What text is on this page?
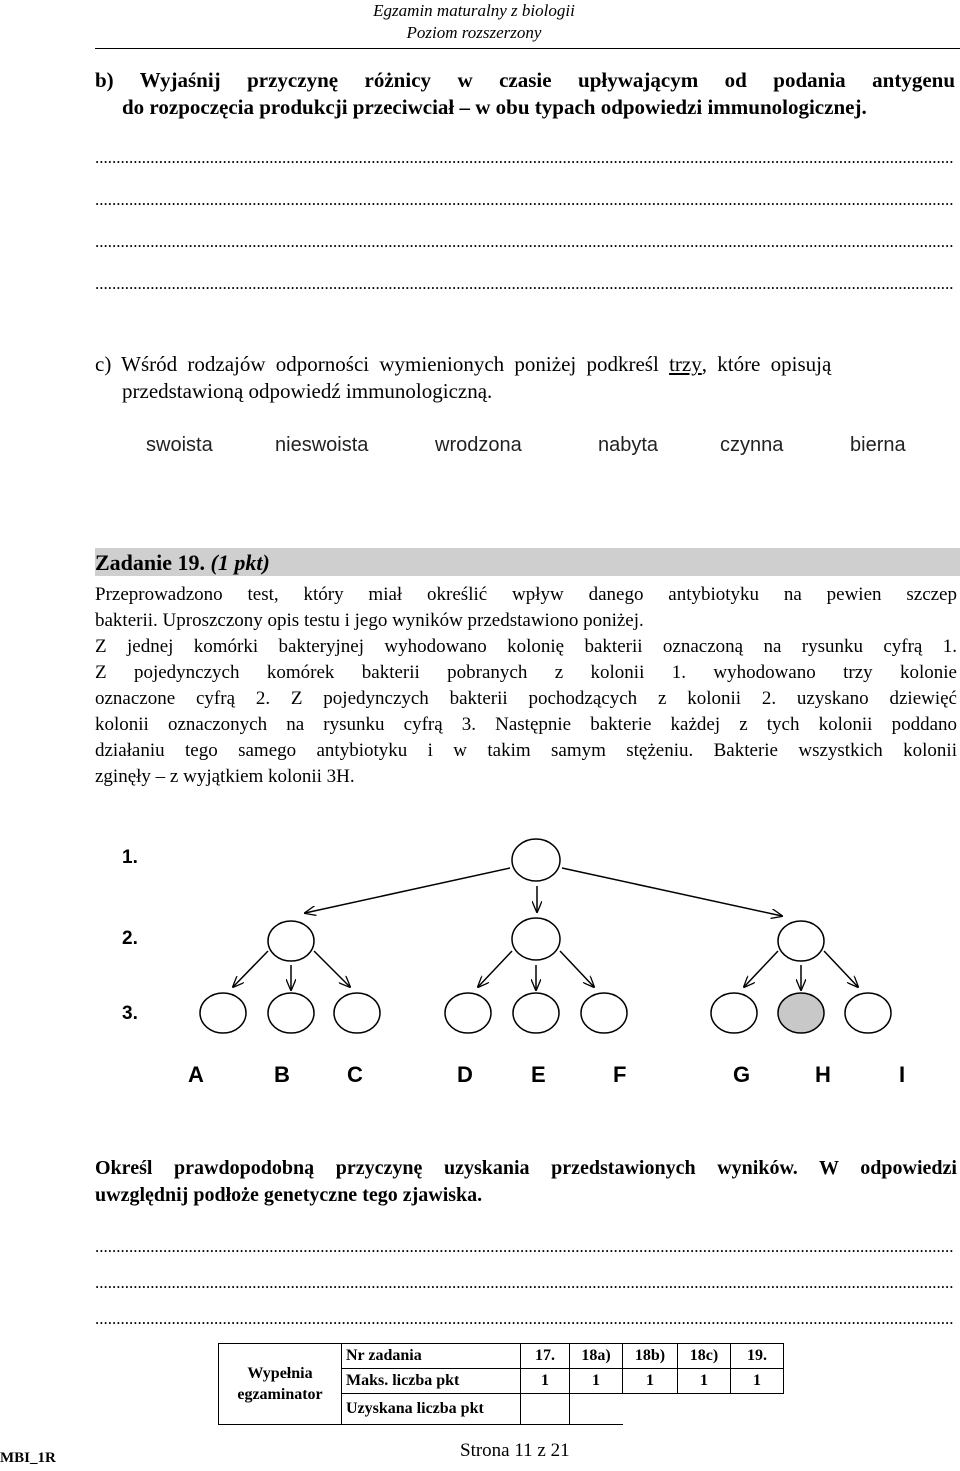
Egzamin maturalny z biologii
Poziom rozszerzony
b) Wyjaśnij przyczynę różnicy w czasie upływającym od podania antygenu
do rozpoczęcia produkcji przeciwciał – w obu typach odpowiedzi immunologicznej.
..........................................................................................................................................................................................................
..........................................................................................................................................................................................................
..........................................................................................................................................................................................................
..........................................................................................................................................................................................................
c) Wśród rodzajów odporności wymienionych poniżej podkreśl trzy , które opisują
przedstawioną odpowiedź immunologiczną.
swoista	nieswoista	wrodzona	nabyta	czynna	bierna
Zadanie 19. (1 pkt)
Przeprowadzono test, który miał określić wpływ danego antybiotyku na pewien szczep
bakterii. Uproszczony opis testu i jego wyników przedstawiono poniżej.
Z jednej komórki bakteryjnej wyhodowano kolonię bakterii oznaczoną na rysunku cyfrą 1.
Z pojedynczych komórek bakterii pobranych z kolonii 1. wyhodowano trzy kolonie
oznaczone cyfrą 2. Z pojedynczych bakterii pochodzących z kolonii 2. uzyskano dziewięć
kolonii oznaczonych na rysunku cyfrą 3. Następnie bakterie każdej z tych kolonii poddano
działaniu tego samego antybiotyku i w takim samym stężeniu. Bakterie wszystkich kolonii
zginęły – z wyjątkiem kolonii 3H.
1.
2.
3.
A	B	C	D	E	F	G	H	I
Określ prawdopodobną przyczynę uzyskania przedstawionych wyników. W odpowiedzi
uwzględnij podłoże genetyczne tego zjawiska.
..........................................................................................................................................................................................................
..........................................................................................................................................................................................................
..........................................................................................................................................................................................................
Wypełnia
egzaminator	Nr zadania	17.	18a)	18b)	18c)	19.
	Maks. liczba pkt	1	1	1	1	1
	Uzyskana liczba pkt					
MBI_1R	Strona 11 z 21
